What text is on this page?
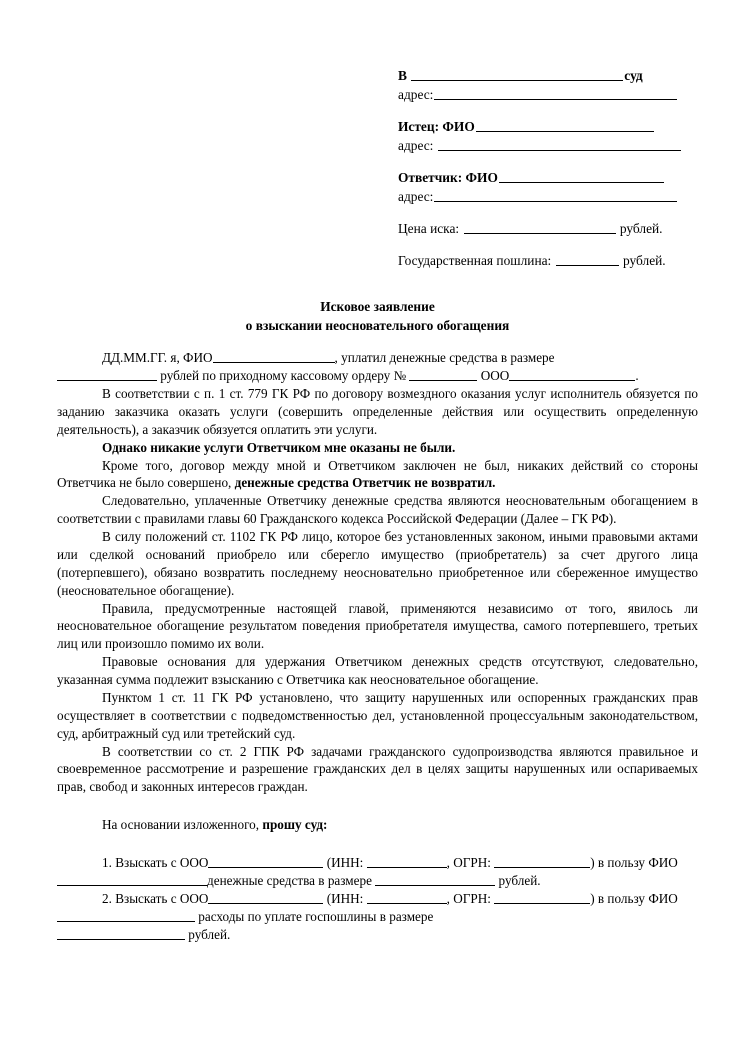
В	суд
адрес:
Истец: ФИО
адрес:
Ответчик: ФИО
адрес:
Цена иска:	рублей.
Государственная пошлина:	рублей.
Исковое заявление
о взыскании неосновательного обогащения

ДД.ММ.ГГ. я, ФИО	, уплатил денежные средства в размере

рублей по приходному кассовому ордеру №	ООО	.

В соответствии с п. 1 ст. 779 ГК РФ по договору возмездного оказания услуг исполнитель обязуется по заданию заказчика оказать услуги (совершить определенные действия или осуществить определенную деятельность), а заказчик обязуется оплатить эти услуги.

Однако никакие услуги Ответчиком мне оказаны не были.

Кроме того, договор между мной и Ответчиком заключен не был, никаких действий со стороны Ответчика не было совершено, денежные средства Ответчик не возвратил.

Следовательно, уплаченные Ответчику денежные средства являются неосновательным обогащением в соответствии с правилами главы 60 Гражданского кодекса Российской Федерации (Далее – ГК РФ).

В силу положений ст. 1102 ГК РФ лицо, которое без установленных законом, иными правовыми актами или сделкой оснований приобрело или сберегло имущество (приобретатель) за счет другого лица (потерпевшего), обязано возвратить последнему неосновательно приобретенное или сбереженное имущество (неосновательное обогащение).

Правила, предусмотренные настоящей главой, применяются независимо от того, явилось ли неосновательное обогащение результатом поведения приобретателя имущества, самого потерпевшего, третьих лиц или произошло помимо их воли.

Правовые основания для удержания Ответчиком денежных средств отсутствуют, следовательно, указанная сумма подлежит взысканию с Ответчика как неосновательное обогащение.

Пунктом 1 ст. 11 ГК РФ установлено, что защиту нарушенных или оспоренных гражданских прав осуществляет в соответствии с подведомственностью дел, установленной процессуальным законодательством, суд, арбитражный суд или третейский суд.

В соответствии со ст. 2 ГПК РФ задачами гражданского судопроизводства являются правильное и своевременное рассмотрение и разрешение гражданских дел в целях защиты нарушенных или оспариваемых прав, свобод и законных интересов граждан.

На основании изложенного, прошу суд:

1. Взыскать с ООО	(ИНН:	, ОГРН:	) в пользу ФИО

денежные средства в размере	рублей.

2. Взыскать с ООО	(ИНН:	, ОГРН:	) в пользу ФИО

расходы по уплате госпошлины в размере

рублей.
